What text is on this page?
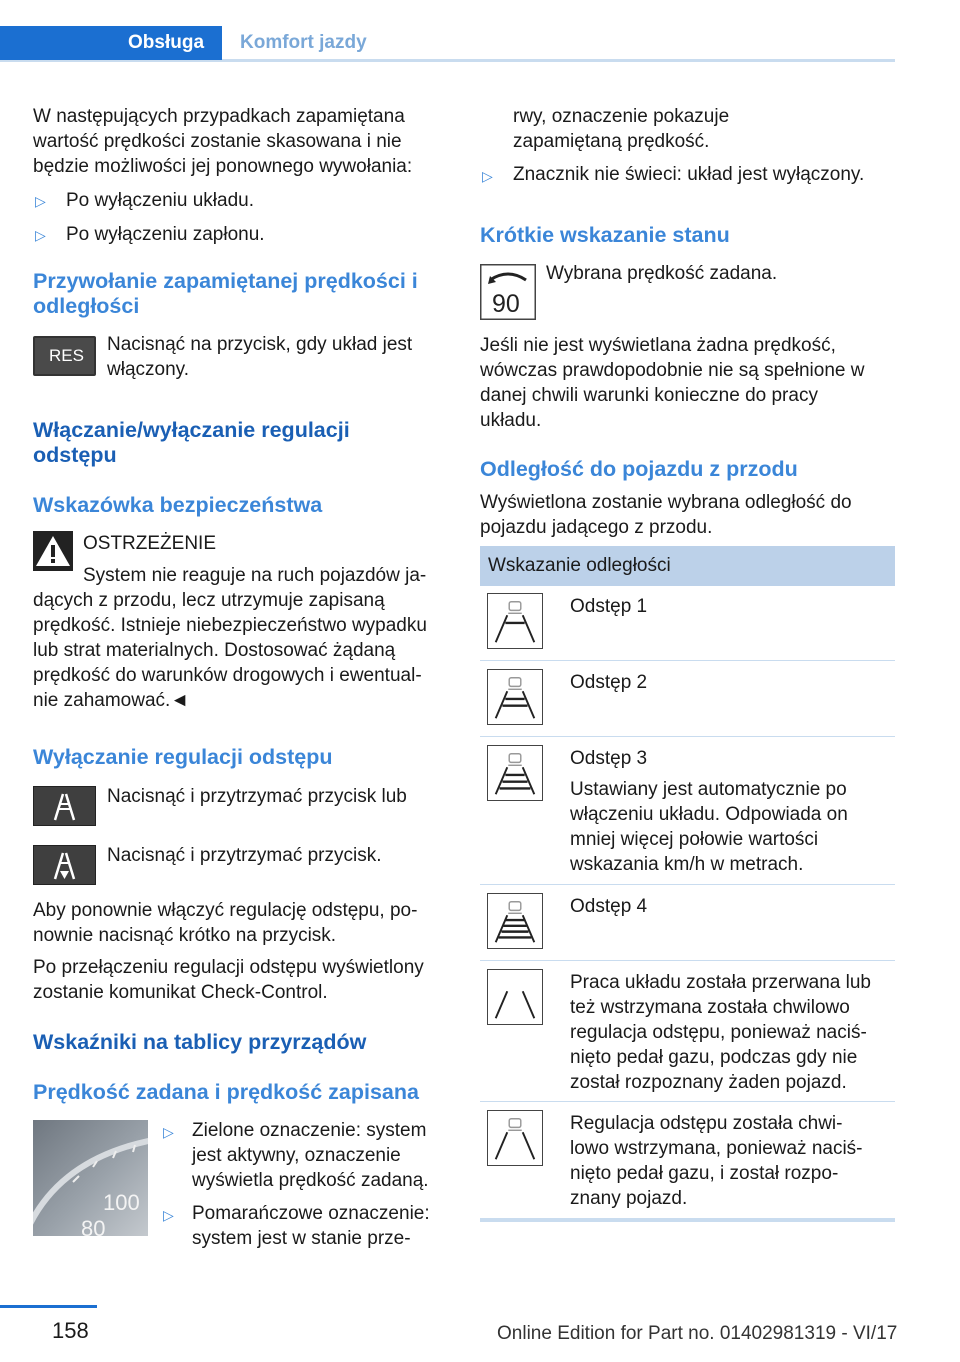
Obsługa	Komfort jazdy

W następujących przypadkach zapamiętana

wartość prędkości zostanie skasowana i nie

będzie możliwości jej ponownego wywołania:

▷ Po wyłączeniu układu.

▷ Po wyłączeniu zapłonu.

Przywołanie zapamiętanej prędkości i
odległości
RES

Nacisnąć na przycisk, gdy układ jest

włączony.

Włączanie/wyłączanie regulacji
odstępu
Wskazówka bezpieczeństwa

OSTRZEŻENIE

System nie reaguje na ruch pojazdów ja‐

dących z przodu, lecz utrzymuje zapisaną

prędkość. Istnieje niebezpieczeństwo wypadku

lub strat materialnych. Dostosować żądaną

prędkość do warunków drogowych i ewentual‐

nie zahamować.◄

Wyłączanie regulacji odstępu

Nacisnąć i przytrzymać przycisk lub

Nacisnąć i przytrzymać przycisk.

Aby ponownie włączyć regulację odstępu, po‐

nownie nacisnąć krótko na przycisk.

Po przełączeniu regulacji odstępu wyświetlony

zostanie komunikat Check-Control.

Wskaźniki na tablicy przyrządów
Prędkość zadana i prędkość zapisana
100
80
▷ Zielone oznaczenie: system

jest aktywny, oznaczenie

wyświetla prędkość zadaną.

▷ Pomarańczowe oznaczenie:

system jest w stanie prze‐

rwy, oznaczenie pokazuje

zapamiętaną prędkość.

▷ Znacznik nie świeci: układ jest wyłączony.

Krótkie wskazanie stanu
90

Wybrana prędkość zadana.

Jeśli nie jest wyświetlana żadna prędkość,

wówczas prawdopodobnie nie są spełnione w

danej chwili warunki konieczne do pracy

układu.

Odległość do pojazdu z przodu

Wyświetlona zostanie wybrana odległość do

pojazdu jadącego z przodu.

Wskazanie odległości

Odstęp 1

Odstęp 2

Odstęp 3

Ustawiany jest automatycznie po

włączeniu układu. Odpowiada on

mniej więcej połowie wartości

wskazania km/h w metrach.

Odstęp 4

Praca układu została przerwana lub

też wstrzymana została chwilowo

regulacja odstępu, ponieważ naciś‐

nięto pedał gazu, podczas gdy nie

został rozpoznany żaden pojazd.

Regulacja odstępu została chwi‐

lowo wstrzymana, ponieważ naciś‐

nięto pedał gazu, i został rozpo‐

znany pojazd.

158	Online Edition for Part no. 01402981319 - VI/17
